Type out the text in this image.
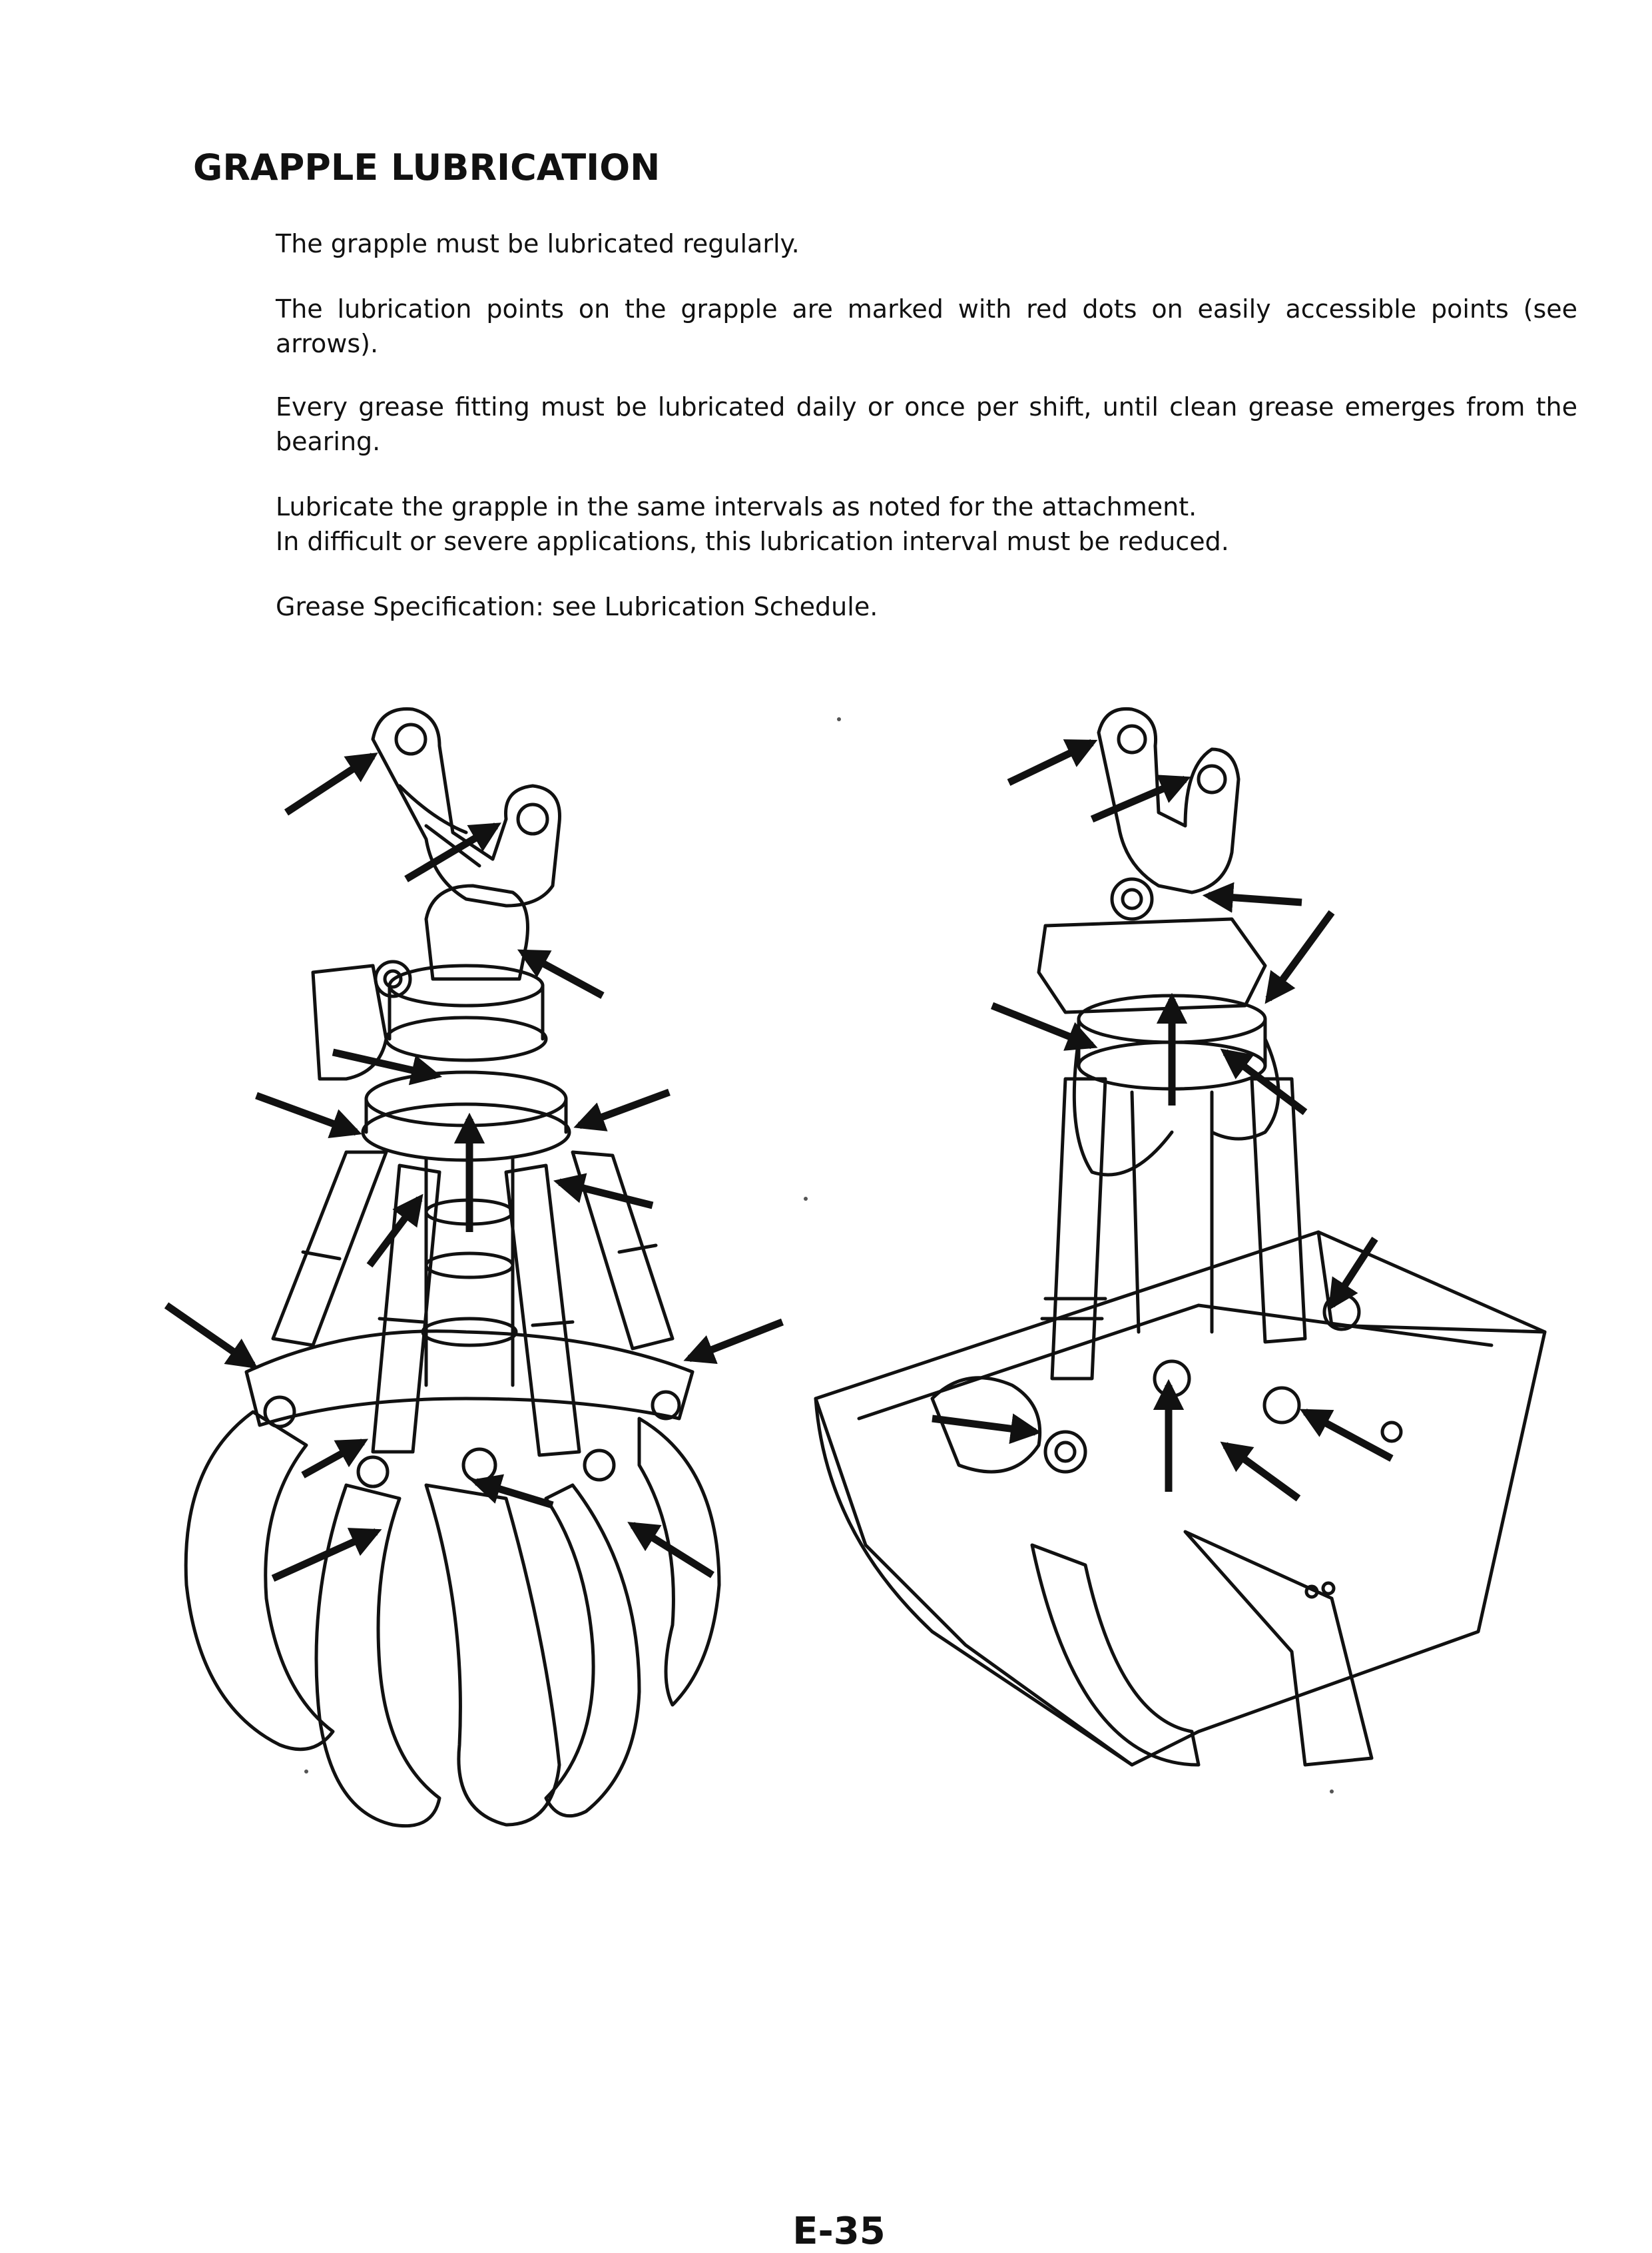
GRAPPLE LUBRICATION

The grapple must be lubricated regularly.

The lubrication points on the grapple are marked with red dots on easily accessible points (see arrows).

Every grease fitting must be lubricated daily or once per shift, until clean grease emerges from the bearing.

Lubricate the grapple in the same intervals as noted for the attachment.

In difficult or severe applications, this lubrication interval must be reduced.

Grease Specification: see Lubrication Schedule.

E-35
